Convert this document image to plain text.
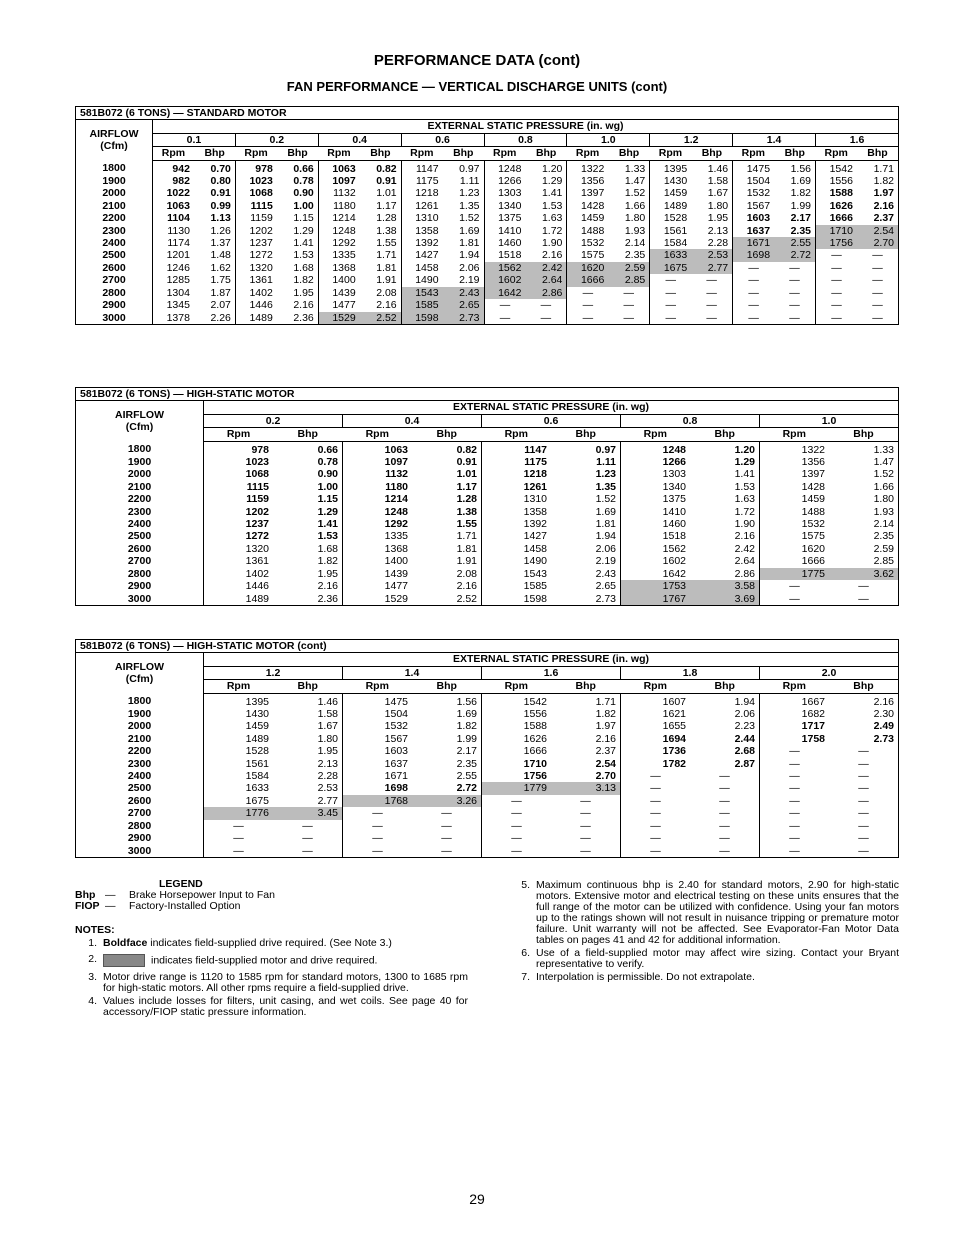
PERFORMANCE DATA (cont)
FAN PERFORMANCE — VERTICAL DISCHARGE UNITS (cont)
581B072 (6 TONS) — STANDARD MOTOR																		
AIRFLOW
(Cfm)	EXTERNAL STATIC PRESSURE (in. wg)																	
	0.1		0.2		0.4		0.6		0.8		1.0		1.2		1.4		1.6	
	Rpm	Bhp	Rpm	Bhp	Rpm	Bhp	Rpm	Bhp	Rpm	Bhp	Rpm	Bhp	Rpm	Bhp	Rpm	Bhp	Rpm	Bhp
1800	942	0.70	978	0.66	1063	0.82	1147	0.97	1248	1.20	1322	1.33	1395	1.46	1475	1.56	1542	1.71
1900	982	0.80	1023	0.78	1097	0.91	1175	1.11	1266	1.29	1356	1.47	1430	1.58	1504	1.69	1556	1.82
2000	1022	0.91	1068	0.90	1132	1.01	1218	1.23	1303	1.41	1397	1.52	1459	1.67	1532	1.82	1588	1.97
2100	1063	0.99	1115	1.00	1180	1.17	1261	1.35	1340	1.53	1428	1.66	1489	1.80	1567	1.99	1626	2.16
2200	1104	1.13	1159	1.15	1214	1.28	1310	1.52	1375	1.63	1459	1.80	1528	1.95	1603	2.17	1666	2.37
2300	1130	1.26	1202	1.29	1248	1.38	1358	1.69	1410	1.72	1488	1.93	1561	2.13	1637	2.35	1710	2.54
2400	1174	1.37	1237	1.41	1292	1.55	1392	1.81	1460	1.90	1532	2.14	1584	2.28	1671	2.55	1756	2.70
2500	1201	1.48	1272	1.53	1335	1.71	1427	1.94	1518	2.16	1575	2.35	1633	2.53	1698	2.72	—	—
2600	1246	1.62	1320	1.68	1368	1.81	1458	2.06	1562	2.42	1620	2.59	1675	2.77	—	—	—	—
2700	1285	1.75	1361	1.82	1400	1.91	1490	2.19	1602	2.64	1666	2.85	—	—	—	—	—	—
2800	1304	1.87	1402	1.95	1439	2.08	1543	2.43	1642	2.86	—	—	—	—	—	—	—	—
2900	1345	2.07	1446	2.16	1477	2.16	1585	2.65	—	—	—	—	—	—	—	—	—	—
3000	1378	2.26	1489	2.36	1529	2.52	1598	2.73	—	—	—	—	—	—	—	—	—	—
581B072 (6 TONS) — HIGH-STATIC MOTOR										
AIRFLOW
(Cfm)	EXTERNAL STATIC PRESSURE (in. wg)									
	0.2		0.4		0.6		0.8		1.0	
	Rpm	Bhp	Rpm	Bhp	Rpm	Bhp	Rpm	Bhp	Rpm	Bhp
1800	978	0.66	1063	0.82	1147	0.97	1248	1.20	1322	1.33
1900	1023	0.78	1097	0.91	1175	1.11	1266	1.29	1356	1.47
2000	1068	0.90	1132	1.01	1218	1.23	1303	1.41	1397	1.52
2100	1115	1.00	1180	1.17	1261	1.35	1340	1.53	1428	1.66
2200	1159	1.15	1214	1.28	1310	1.52	1375	1.63	1459	1.80
2300	1202	1.29	1248	1.38	1358	1.69	1410	1.72	1488	1.93
2400	1237	1.41	1292	1.55	1392	1.81	1460	1.90	1532	2.14
2500	1272	1.53	1335	1.71	1427	1.94	1518	2.16	1575	2.35
2600	1320	1.68	1368	1.81	1458	2.06	1562	2.42	1620	2.59
2700	1361	1.82	1400	1.91	1490	2.19	1602	2.64	1666	2.85
2800	1402	1.95	1439	2.08	1543	2.43	1642	2.86	1775	3.62
2900	1446	2.16	1477	2.16	1585	2.65	1753	3.58	—	—
3000	1489	2.36	1529	2.52	1598	2.73	1767	3.69	—	—
581B072 (6 TONS) — HIGH-STATIC MOTOR (cont)										
AIRFLOW
(Cfm)	EXTERNAL STATIC PRESSURE (in. wg)									
	1.2		1.4		1.6		1.8		2.0	
	Rpm	Bhp	Rpm	Bhp	Rpm	Bhp	Rpm	Bhp	Rpm	Bhp
1800	1395	1.46	1475	1.56	1542	1.71	1607	1.94	1667	2.16
1900	1430	1.58	1504	1.69	1556	1.82	1621	2.06	1682	2.30
2000	1459	1.67	1532	1.82	1588	1.97	1655	2.23	1717	2.49
2100	1489	1.80	1567	1.99	1626	2.16	1694	2.44	1758	2.73
2200	1528	1.95	1603	2.17	1666	2.37	1736	2.68	—	—
2300	1561	2.13	1637	2.35	1710	2.54	1782	2.87	—	—
2400	1584	2.28	1671	2.55	1756	2.70	—	—	—	—
2500	1633	2.53	1698	2.72	1779	3.13	—	—	—	—
2600	1675	2.77	1768	3.26	—	—	—	—	—	—
2700	1776	3.45	—	—	—	—	—	—	—	—
2800	—	—	—	—	—	—	—	—	—	—
2900	—	—	—	—	—	—	—	—	—	—
3000	—	—	—	—	—	—	—	—	—	—
LEGEND
Bhp —	Brake Horsepower Input to Fan
FIOP —	Factory-Installed Option
NOTES:
1. Boldface indicates field-supplied drive required. (See Note 3.)
2.	indicates field-supplied motor and drive required.
3. Motor drive range is 1120 to 1585 rpm for standard motors, 1300 to 1685 rpm for high-static motors. All other rpms require a field-supplied drive.
4. Values include losses for filters, unit casing, and wet coils. See page 40 for accessory/FIOP static pressure information.
5. Maximum continuous bhp is 2.40 for standard motors, 2.90 for high-static motors. Extensive motor and electrical testing on these units ensures that the full range of the motor can be utilized with confidence. Using your fan motors up to the ratings shown will not result in nuisance tripping or premature motor failure. Unit warranty will not be affected. See Evaporator-Fan Motor Data tables on pages 41 and 42 for additional information.
6. Use of a field-supplied motor may affect wire sizing. Contact your Bryant representative to verify.
7. Interpolation is permissible. Do not extrapolate.
29
